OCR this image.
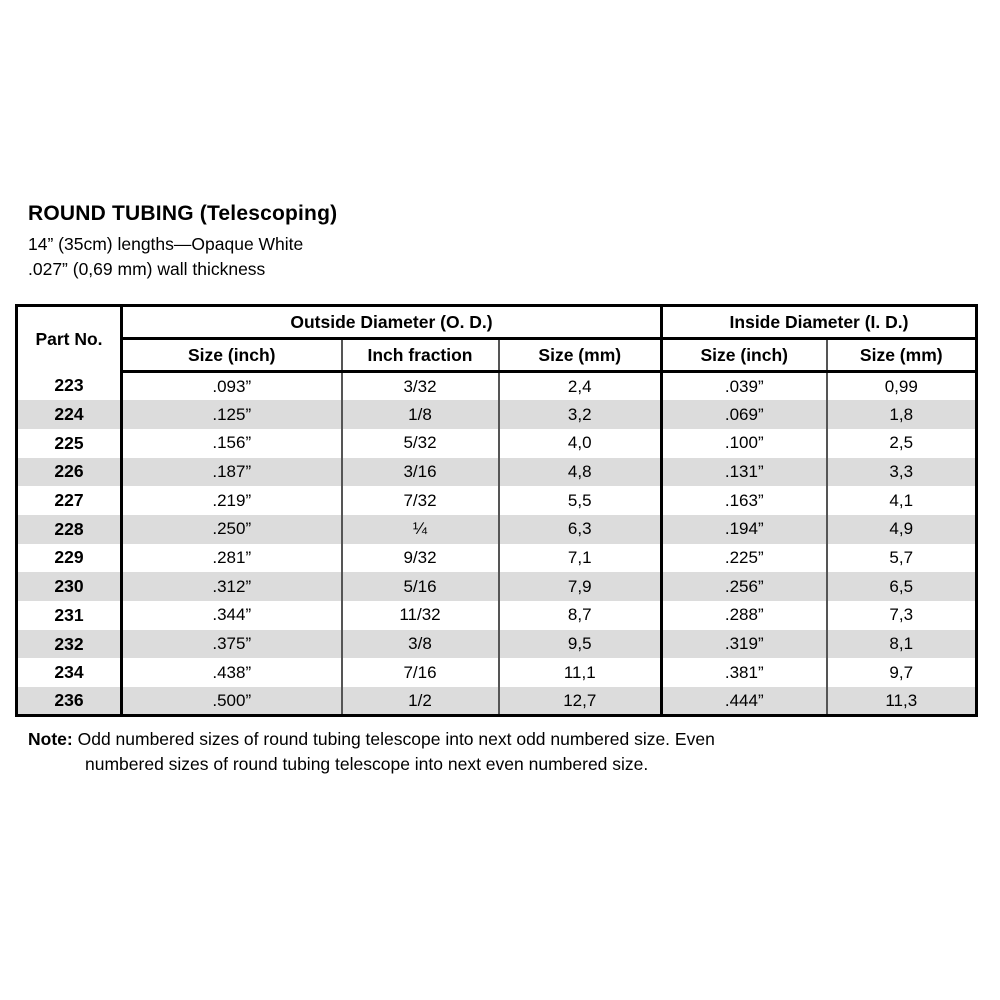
ROUND TUBING (Telescoping)
14” (35cm) lengths—Opaque White
.027” (0,69 mm) wall thickness
Part No.	Outside Diameter (O. D.)			Inside Diameter (I. D.)	
	Size (inch)	Inch fraction	Size (mm)	Size (inch)	Size (mm)
223	.093”	3/32	2,4	.039”	0,99
224	.125”	1/8	3,2	.069”	1,8
225	.156”	5/32	4,0	.100”	2,5
226	.187”	3/16	4,8	.131”	3,3
227	.219”	7/32	5,5	.163”	4,1
228	.250”	¼	6,3	.194”	4,9
229	.281”	9/32	7,1	.225”	5,7
230	.312”	5/16	7,9	.256”	6,5
231	.344”	11/32	8,7	.288”	7,3
232	.375”	3/8	9,5	.319”	8,1
234	.438”	7/16	11,1	.381”	9,7
236	.500”	1/2	12,7	.444”	11,3
Note: Odd numbered sizes of round tubing telescope into next odd numbered size. Even numbered sizes of round tubing telescope into next even numbered size.
